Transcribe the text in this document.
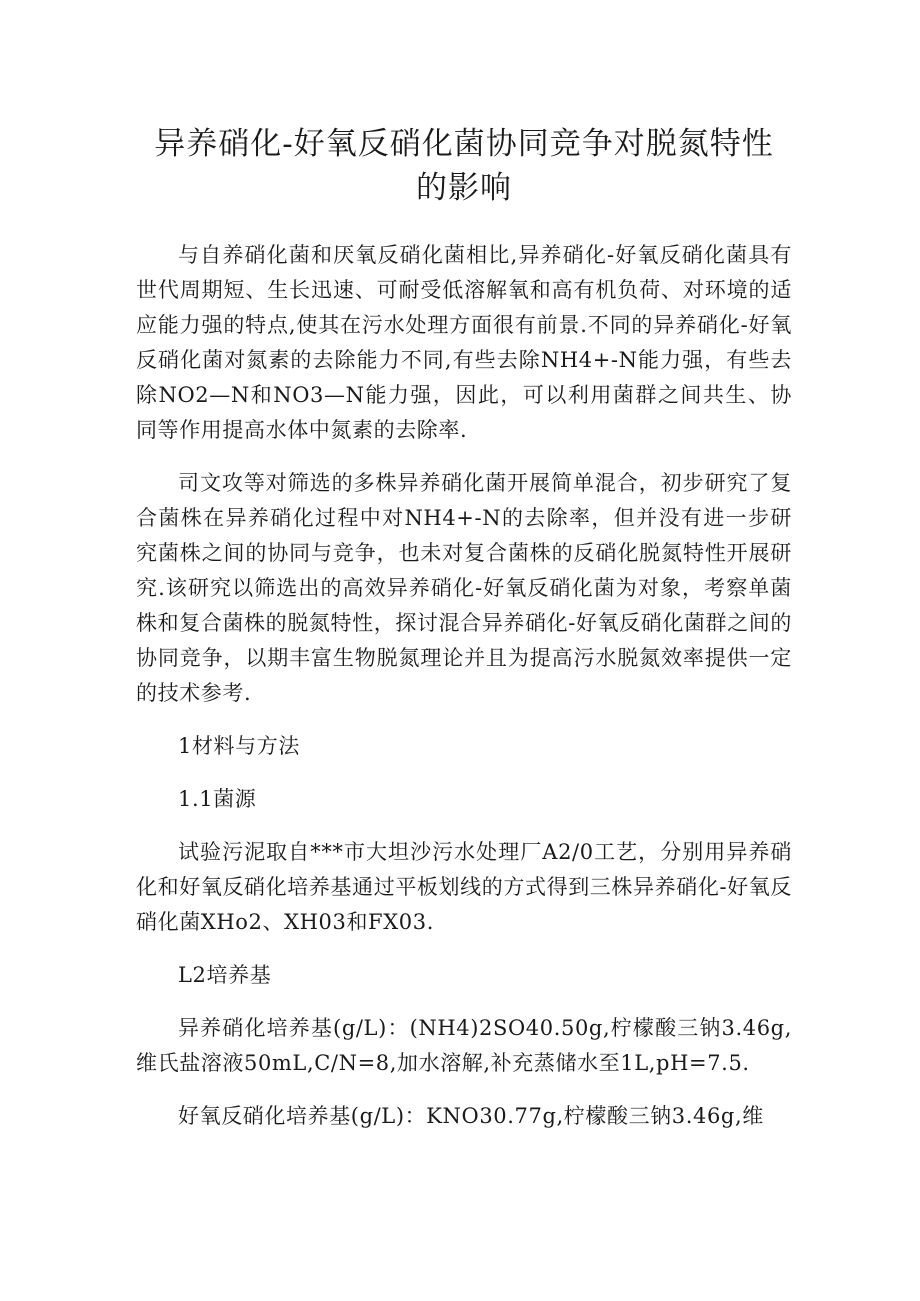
异养硝化-好氧反硝化菌协同竞争对脱氮特性的影响

与自养硝化菌和厌氧反硝化菌相比,异养硝化-好氧反硝化菌具有世代周期短、生长迅速、可耐受低溶解氧和高有机负荷、对环境的适应能力强的特点,使其在污水处理方面很有前景.不同的异养硝化-好氧反硝化菌对氮素的去除能力不同,有些去除NH4+-N能力强，有些去除NO2—N和NO3—N能力强，因此，可以利用菌群之间共生、协同等作用提高水体中氮素的去除率.

司文攻等对筛选的多株异养硝化菌开展简单混合，初步研究了复合菌株在异养硝化过程中对NH4+-N的去除率，但并没有进一步研究菌株之间的协同与竞争，也未对复合菌株的反硝化脱氮特性开展研究.该研究以筛选出的高效异养硝化-好氧反硝化菌为对象，考察单菌株和复合菌株的脱氮特性，探讨混合异养硝化-好氧反硝化菌群之间的协同竞争，以期丰富生物脱氮理论并且为提高污水脱氮效率提供一定的技术参考.

1材料与方法

1.1菌源

试验污泥取自***市大坦沙污水处理厂A2/0工艺，分别用异养硝化和好氧反硝化培养基通过平板划线的方式得到三株异养硝化-好氧反硝化菌XHo2、XH03和FX03.

L2培养基

异养硝化培养基(g/L)：(NH4)2SO40.50g,柠檬酸三钠3.46g,维氏盐溶液50mL,C/N=8,加水溶解,补充蒸储水至1L,pH=7.5.

好氧反硝化培养基(g/L)：KNO30.77g,柠檬酸三钠3.46g,维
